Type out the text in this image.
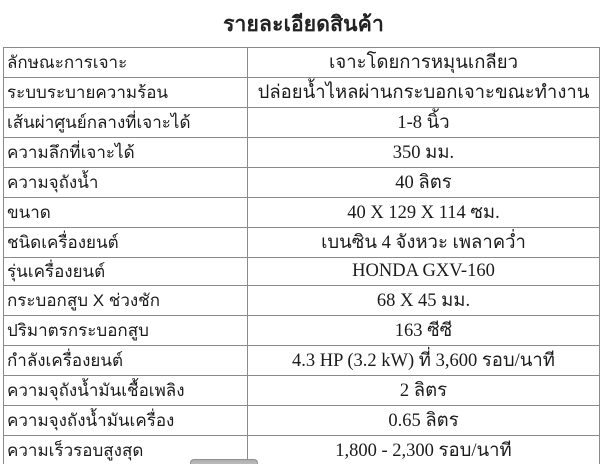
รายละเอียดสินค้า
ลักษณะการเจาะ	เจาะโดยการหมุนเกลียว
ระบบระบายความร้อน	ปล่อยน้ำไหลผ่านกระบอกเจาะขณะทำงาน
เส้นผ่าศูนย์กลางที่เจาะได้	1-8 นิ้ว
ความลึกที่เจาะได้	350 มม.
ความจุถังน้ำ	40 ลิตร
ขนาด	40 X 129 X 114 ซม.
ชนิดเครื่องยนต์	เบนซิน 4 จังหวะ เพลาคว่ำ
รุ่นเครื่องยนต์	HONDA GXV-160
กระบอกสูบ X ช่วงชัก	68 X 45 มม.
ปริมาตรกระบอกสูบ	163 ซีซี
กำลังเครื่องยนต์	4.3 HP (3.2 kW) ที่ 3,600 รอบ/นาที
ความจุถังน้ำมันเชื้อเพลิง	2 ลิตร
ความจุงถังน้ำมันเครื่อง	0.65 ลิตร
ความเร็วรอบสูงสุด	1,800 - 2,300 รอบ/นาที
